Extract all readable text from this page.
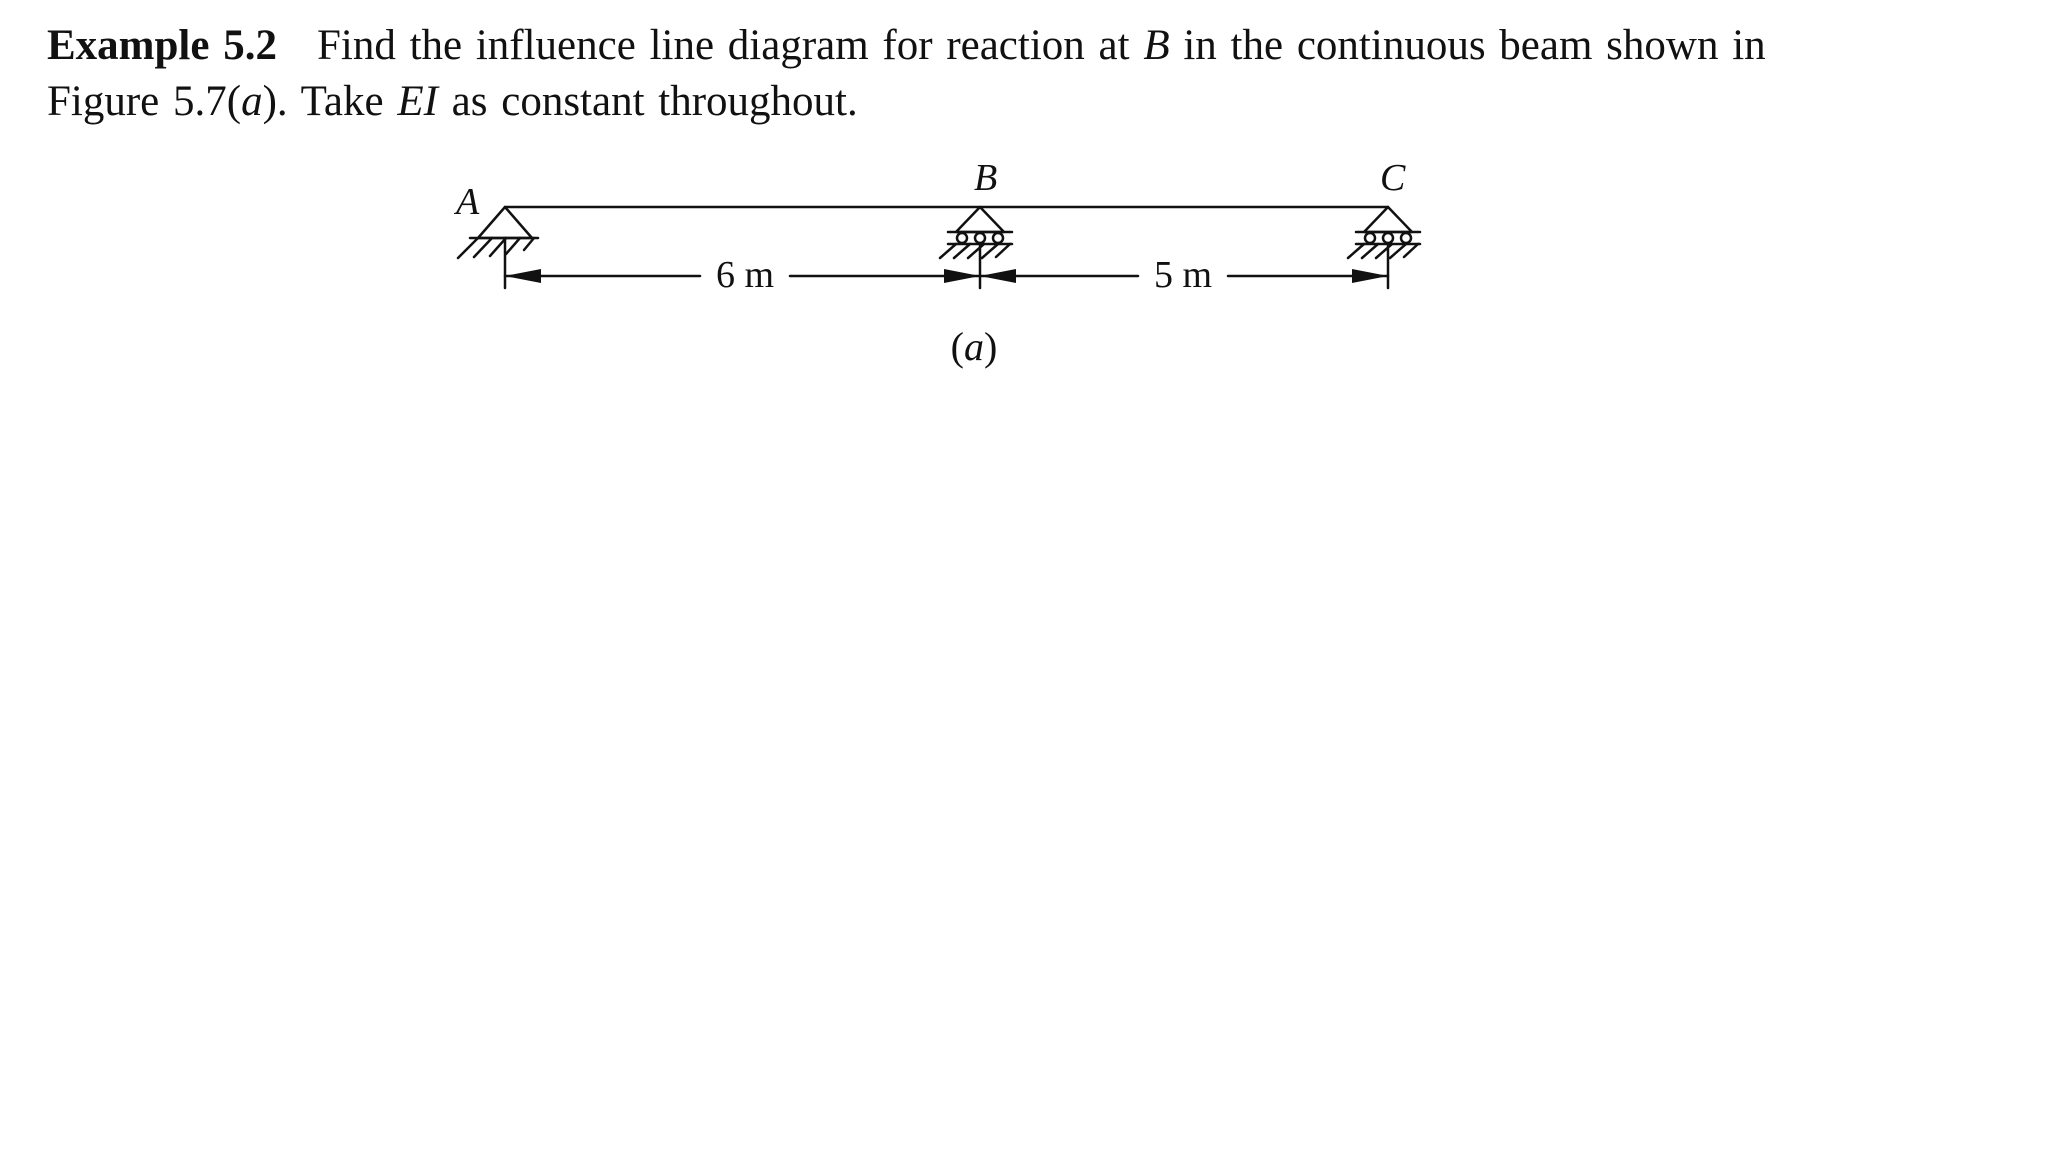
Example 5.2 Find the influence line diagram for reaction at B in the continuous beam shown in
Figure 5.7(a). Take EI as constant throughout.

A
B	C
6 m	5 m
(a)
